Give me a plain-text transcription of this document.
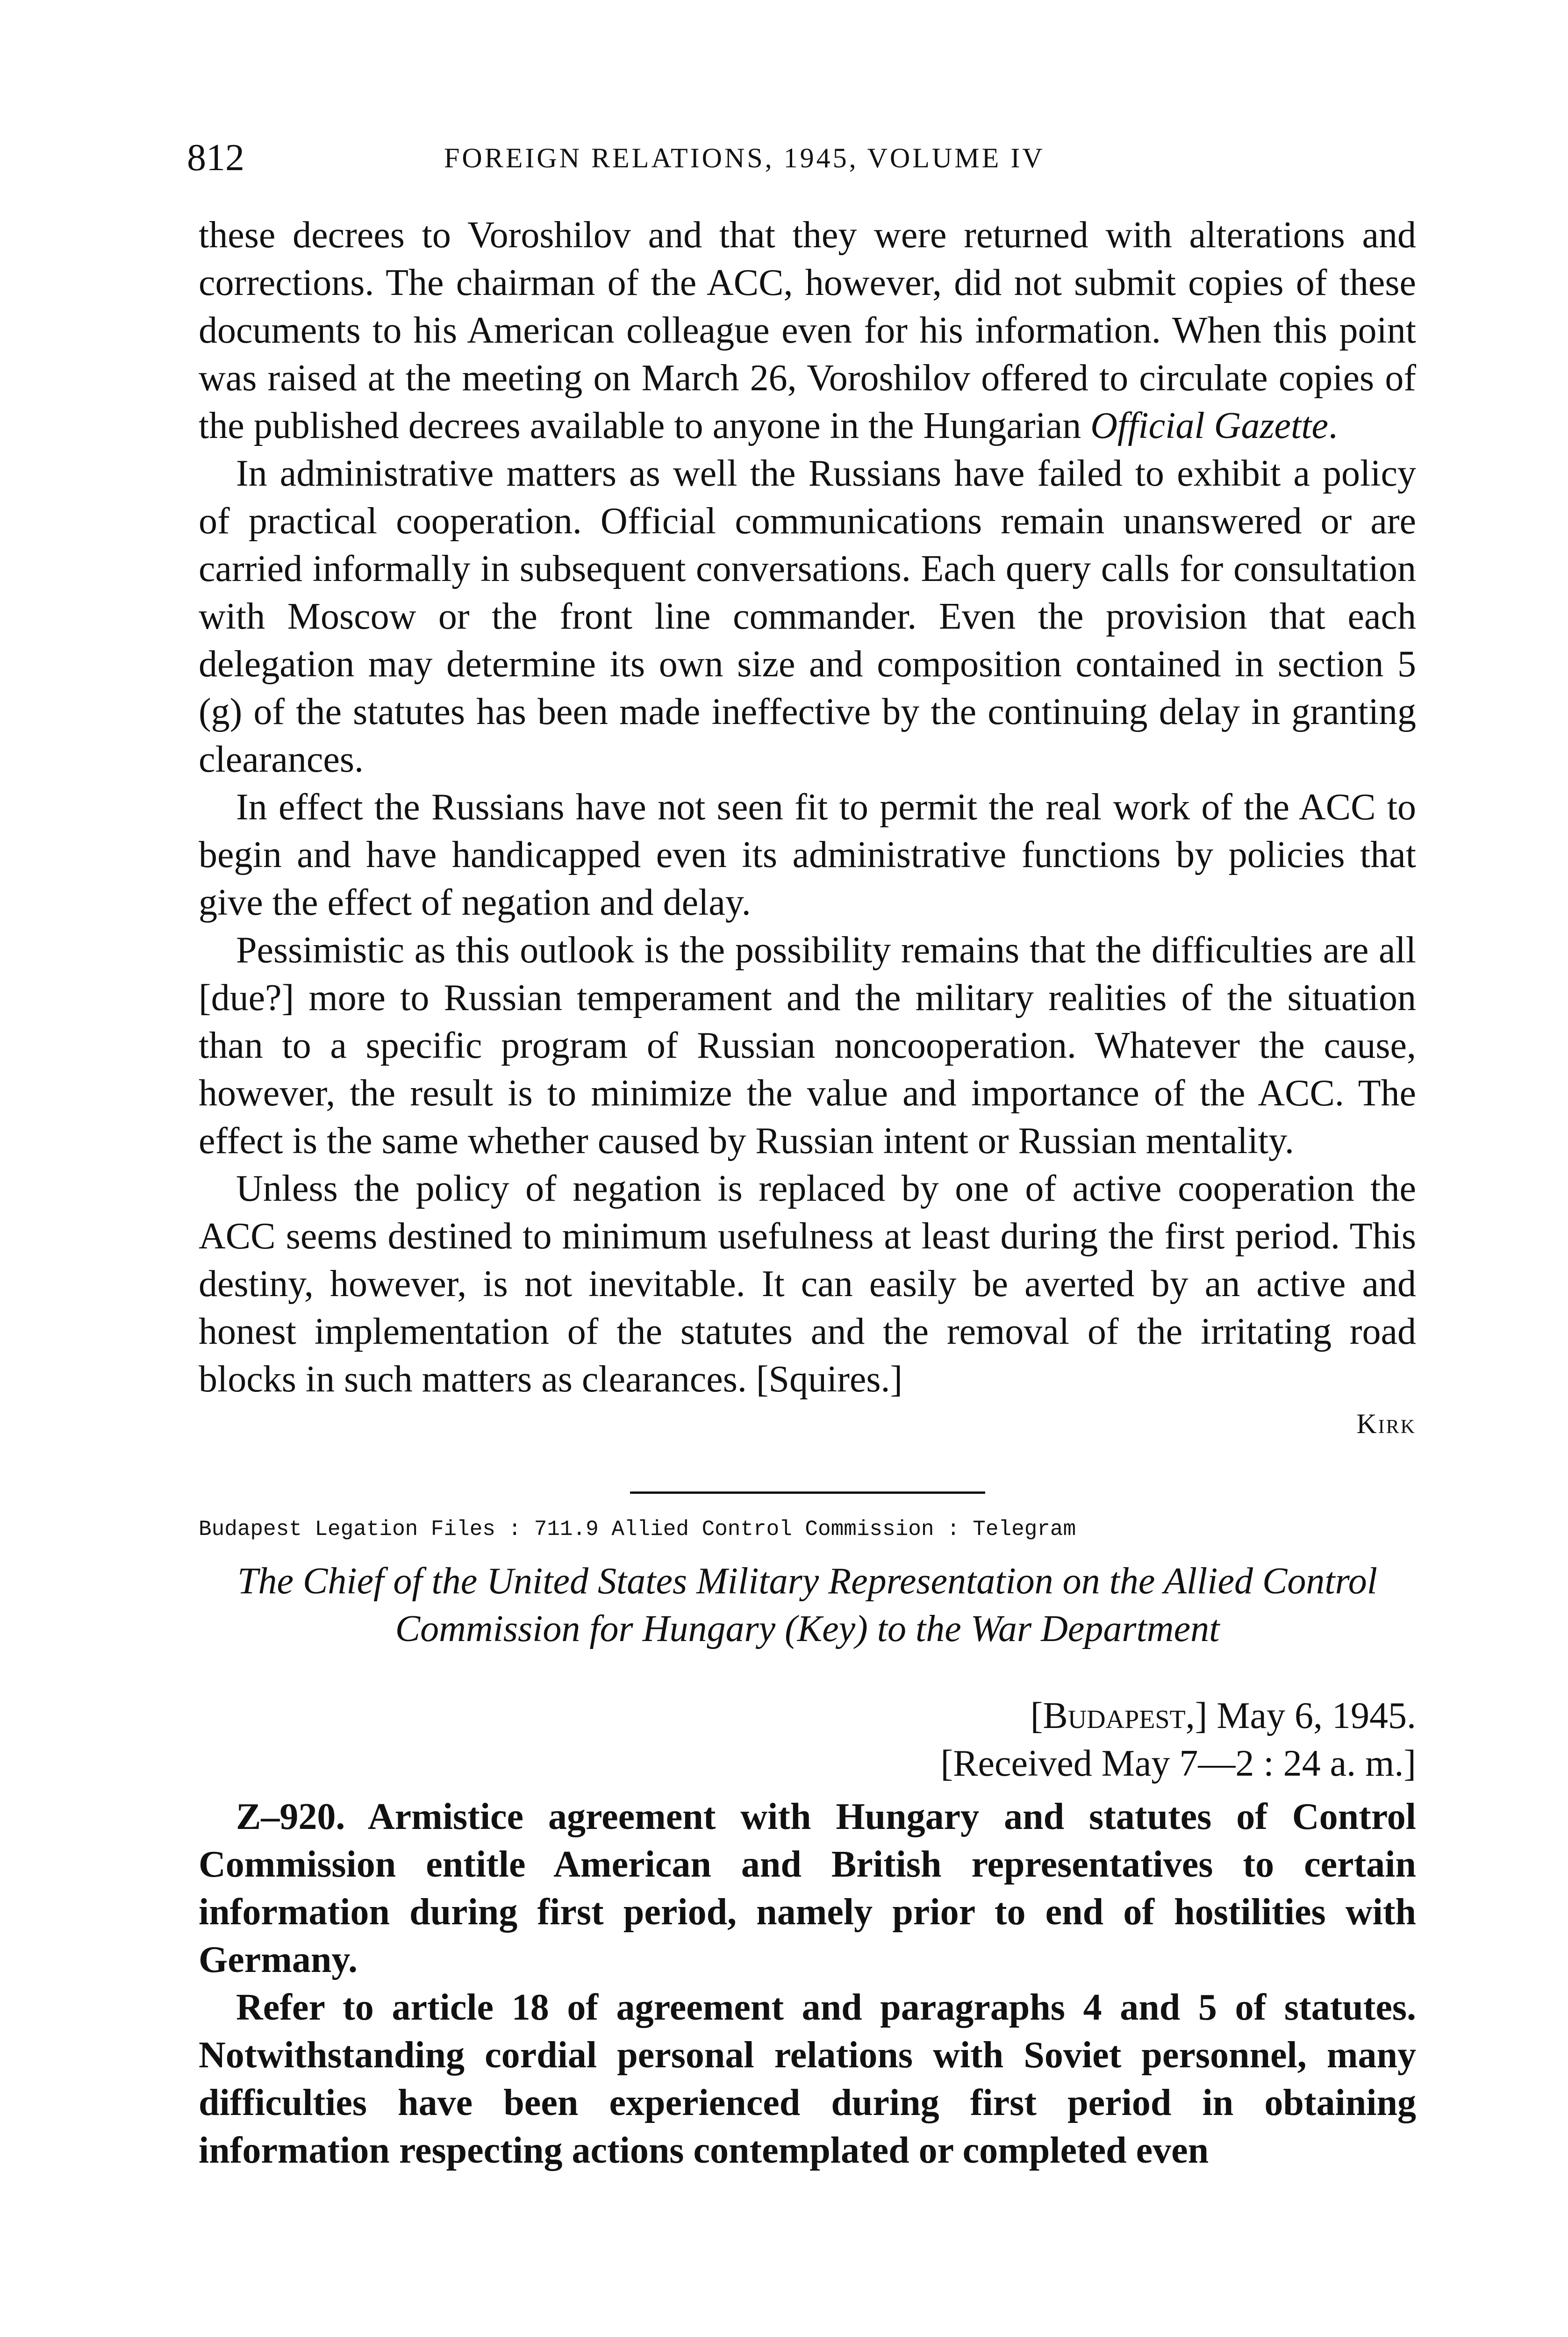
812	FOREIGN RELATIONS, 1945, VOLUME IV

these decrees to Voroshilov and that they were returned with alterations and corrections. The chairman of the ACC, however, did not submit copies of these documents to his American colleague even for his information. When this point was raised at the meeting on March 26, Voroshilov offered to circulate copies of the published decrees available to anyone in the Hungarian Official Gazette.

In administrative matters as well the Russians have failed to exhibit a policy of practical cooperation. Official communications remain unanswered or are carried informally in subsequent conversations. Each query calls for consultation with Moscow or the front line commander. Even the provision that each delegation may determine its own size and composition contained in section 5 (g) of the statutes has been made ineffective by the continuing delay in granting clearances.

In effect the Russians have not seen fit to permit the real work of the ACC to begin and have handicapped even its administrative functions by policies that give the effect of negation and delay.

Pessimistic as this outlook is the possibility remains that the difficulties are all [due?] more to Russian temperament and the military realities of the situation than to a specific program of Russian noncooperation. Whatever the cause, however, the result is to minimize the value and importance of the ACC. The effect is the same whether caused by Russian intent or Russian mentality.

Unless the policy of negation is replaced by one of active cooperation the ACC seems destined to minimum usefulness at least during the first period. This destiny, however, is not inevitable. It can easily be averted by an active and honest implementation of the statutes and the removal of the irritating road blocks in such matters as clearances. [Squires.]

Kirk
Budapest Legation Files : 711.9 Allied Control Commission : Telegram
The Chief of the United States Military Representation on the Allied Control Commission for Hungary (Key) to the War Department
[Budapest,] May 6, 1945.
[Received May 7—2 : 24 a. m.]

Z–920. Armistice agreement with Hungary and statutes of Control Commission entitle American and British representatives to certain information during first period, namely prior to end of hostilities with Germany.

Refer to article 18 of agreement and paragraphs 4 and 5 of statutes. Notwithstanding cordial personal relations with Soviet personnel, many difficulties have been experienced during first period in obtaining information respecting actions contemplated or completed even
